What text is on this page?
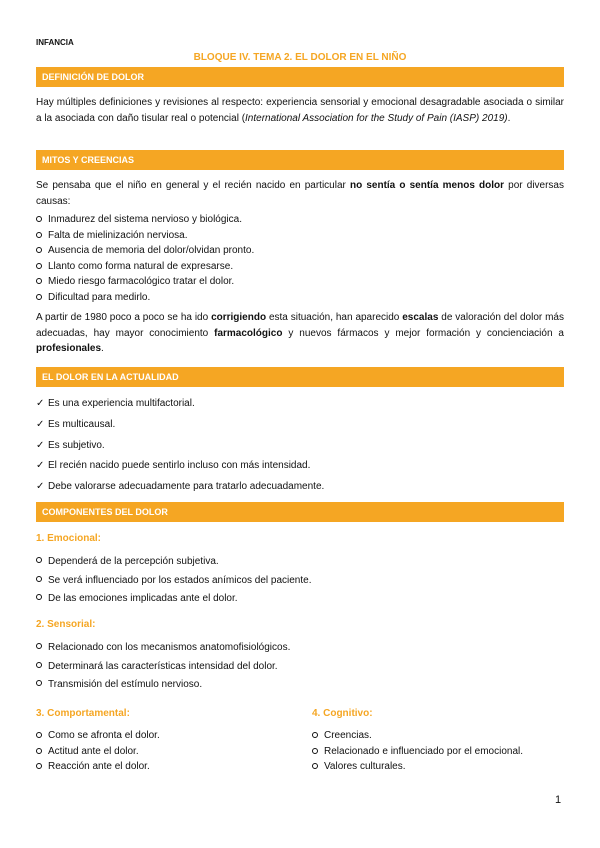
INFANCIA
BLOQUE IV. TEMA 2. EL DOLOR EN EL NIÑO
DEFINICIÓN DE DOLOR
Hay múltiples definiciones y revisiones al respecto: experiencia sensorial y emocional desagradable asociada o similar a la asociada con daño tisular real o potencial (International Association for the Study of Pain (IASP) 2019).
MITOS Y CREENCIAS
Se pensaba que el niño en general y el recién nacido en particular no sentía o sentía menos dolor por diversas causas:
Inmadurez del sistema nervioso y biológica.
Falta de mielinización nerviosa.
Ausencia de memoria del dolor/olvidan pronto.
Llanto como forma natural de expresarse.
Miedo riesgo farmacológico tratar el dolor.
Dificultad para medirlo.
A partir de 1980 poco a poco se ha ido corrigiendo esta situación, han aparecido escalas de valoración del dolor más adecuadas, hay mayor conocimiento farmacológico y nuevos fármacos y mejor formación y concienciación a profesionales.
EL DOLOR EN LA ACTUALIDAD
✓ Es una experiencia multifactorial.
✓ Es multicausal.
✓ Es subjetivo.
✓ El recién nacido puede sentirlo incluso con más intensidad.
✓ Debe valorarse adecuadamente para tratarlo adecuadamente.
COMPONENTES DEL DOLOR
1. Emocional:
Dependerá de la percepción subjetiva.
Se verá influenciado por los estados anímicos del paciente.
De las emociones implicadas ante el dolor.
2. Sensorial:
Relacionado con los mecanismos anatomofisiológicos.
Determinará las características intensidad del dolor.
Transmisión del estímulo nervioso.
3. Comportamental:
Como se afronta el dolor.
Actitud ante el dolor.
Reacción ante el dolor.
4. Cognitivo:
Creencias.
Relacionado e influenciado por el emocional.
Valores culturales.
1
